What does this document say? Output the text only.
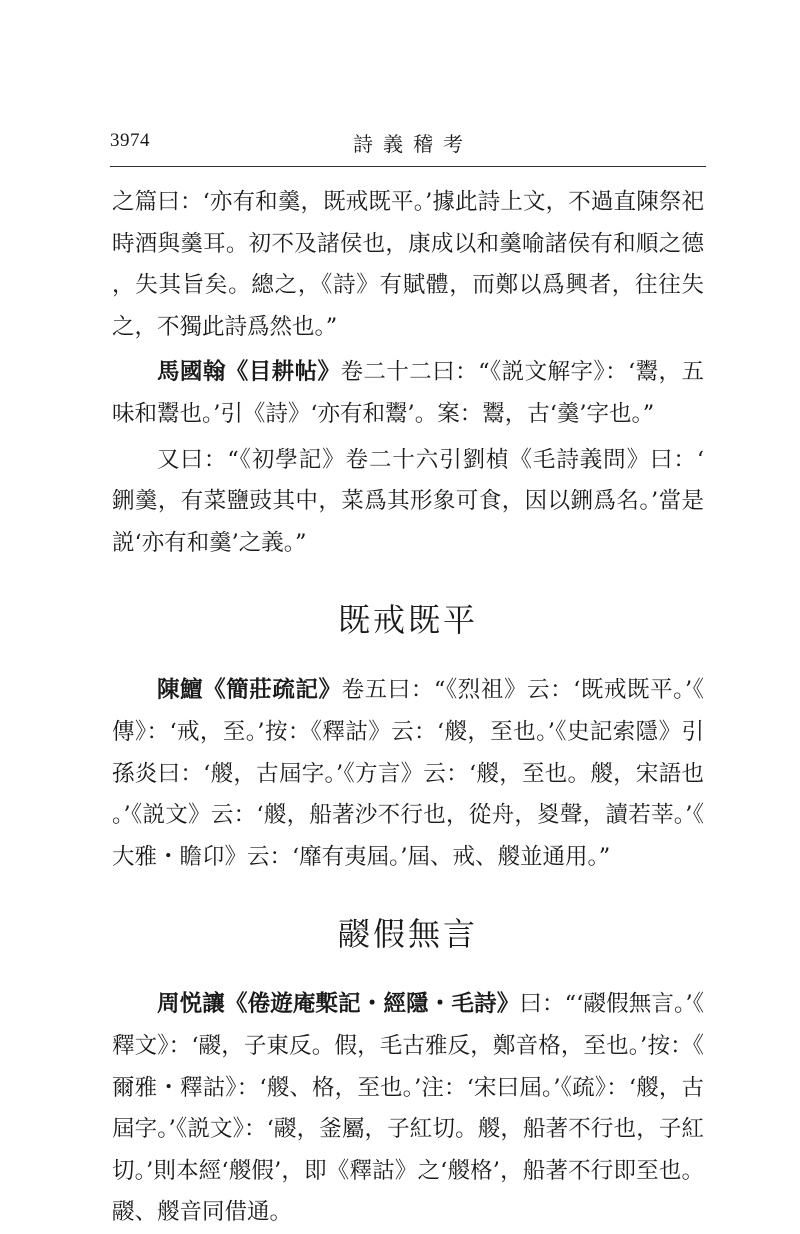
3974	詩義稽考

之篇曰：‘亦有和羹，既戒既平。’據此詩上文，不過直陳祭祀時酒與羹耳。初不及諸侯也，康成以和羹喻諸侯有和順之德，失其旨矣。總之，《詩》有賦體，而鄭以爲興者，往往失之，不獨此詩爲然也。”

馬國翰《目耕帖》卷二十二曰：“《説文解字》：‘鬻，五味和鬻也。’引《詩》‘亦有和鬻’。案：鬻，古‘羹’字也。”

又曰：“《初學記》卷二十六引劉楨《毛詩義問》曰：‘鉶羹，有菜鹽豉其中，菜爲其形象可食，因以鉶爲名。’當是説‘亦有和羹’之義。”

既戒既平

陳鱣《簡莊疏記》卷五曰：“《烈祖》云：‘既戒既平。’《傳》：‘戒，至。’按：《釋詁》云：‘艐，至也。’《史記索隱》引孫炎曰：‘艐，古屆字。’《方言》云：‘艐，至也。艐，宋語也。’《説文》云：‘艐，船著沙不行也，從舟，㚇聲，讀若莘。’《大雅・瞻卬》云：‘靡有夷屆。’屆、戒、艐並通用。”

鬷假無言

周悦讓《倦遊庵槧記・經隱・毛詩》曰：“‘鬷假無言。’《釋文》：‘鬷，子東反。假，毛古雅反，鄭音格，至也。’按：《爾雅・釋詁》：‘艐、格，至也。’注：‘宋曰屆。’《疏》：‘艐，古屆字。’《説文》：‘鬷，釜屬，子紅切。艐，船著不行也，子紅切。’則本經‘艐假’，即《釋詁》之‘艐格’，船著不行即至也。鬷、艐音同借通。
